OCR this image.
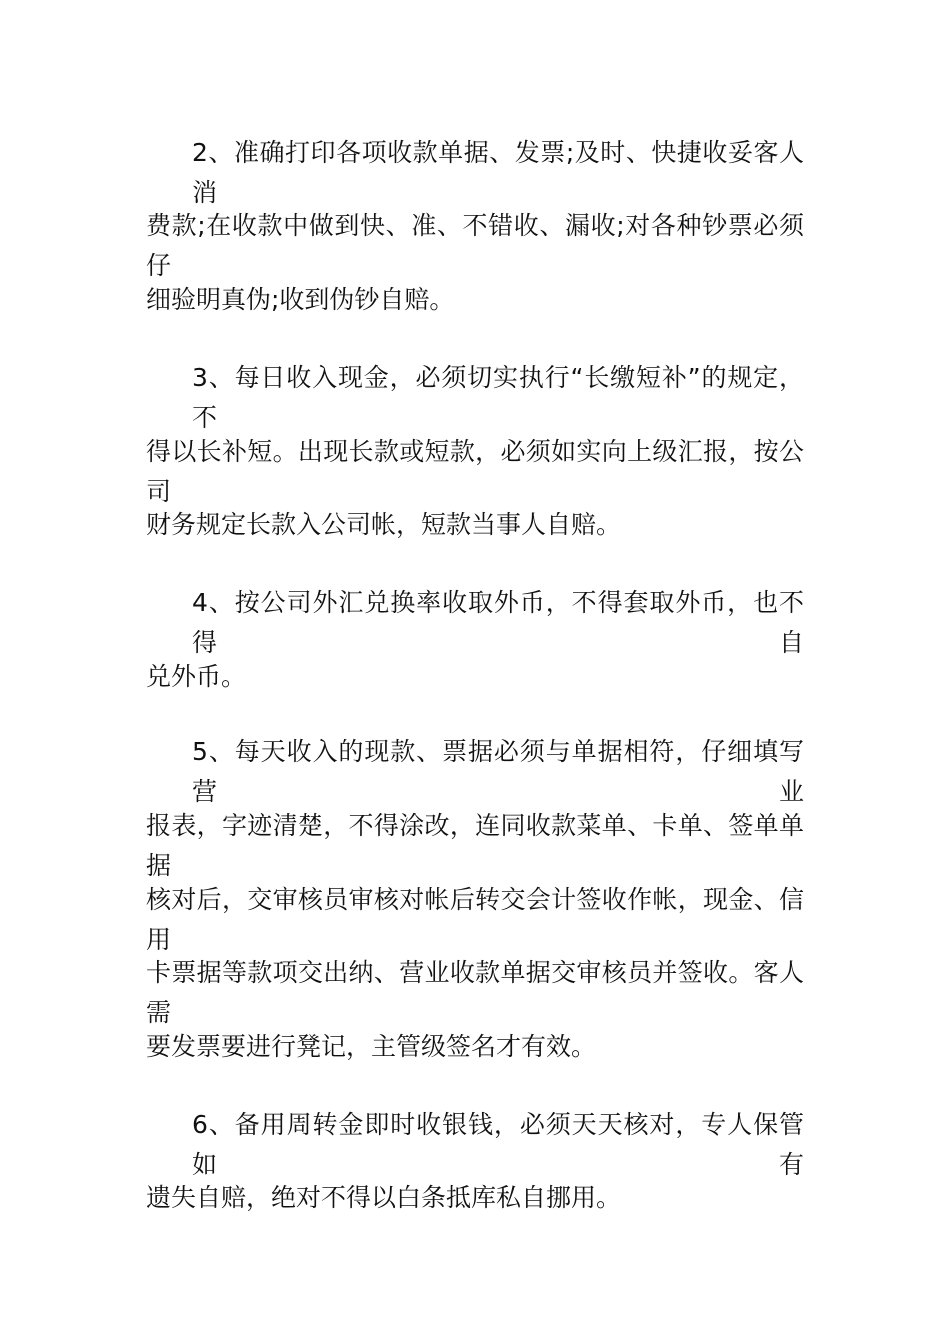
2、准确打印各项收款单据、发票;及时、快捷收妥客人消
费款;在收款中做到快、准、不错收、漏收;对各种钞票必须仔
细验明真伪;收到伪钞自赔。
3、每日收入现金，必须切实执行“长缴短补”的规定，不
得以长补短。出现长款或短款，必须如实向上级汇报，按公司
财务规定长款入公司帐，短款当事人自赔。
4、按公司外汇兑换率收取外币，不得套取外币，也不得自
兑外币。
5、每天收入的现款、票据必须与单据相符，仔细填写营业
报表，字迹清楚，不得涂改，连同收款菜单、卡单、签单单据
核对后，交审核员审核对帐后转交会计签收作帐，现金、信用
卡票据等款项交出纳、营业收款单据交审核员并签收。客人需
要发票要进行凳记，主管级签名才有效。
6、备用周转金即时收银钱，必须天天核对，专人保管如有
遗失自赔，绝对不得以白条抵库私自挪用。
